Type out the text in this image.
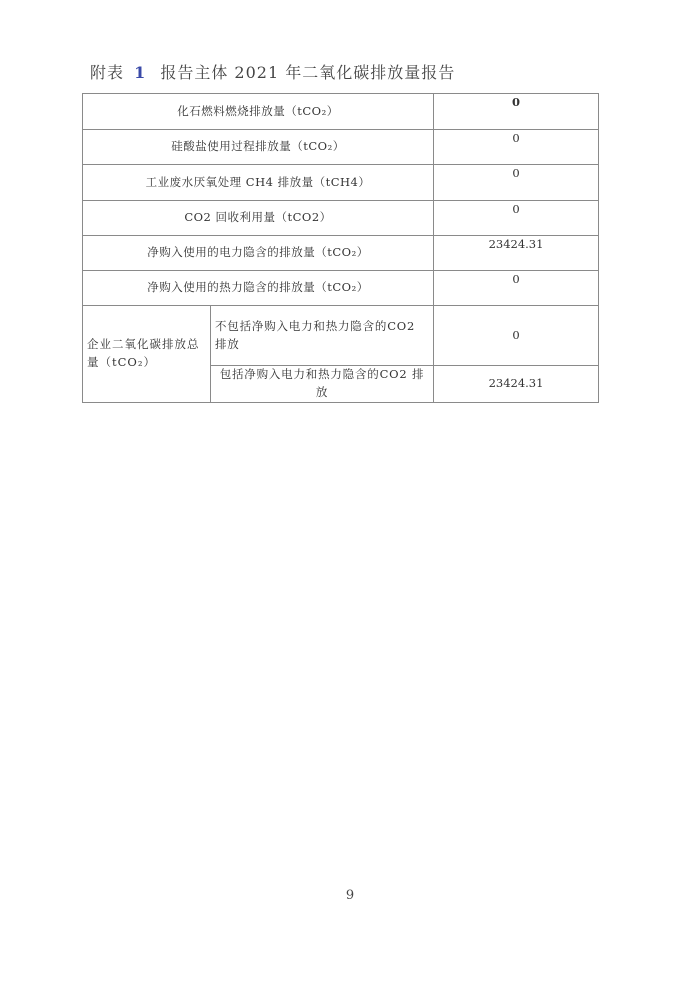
附表 1 报告主体 2021 年二氧化碳排放量报告
化石燃料燃烧排放量（tCO₂）		0
硅酸盐使用过程排放量（tCO₂）		0
工业废水厌氧处理 CH4 排放量（tCH4）		0
CO2 回收利用量（tCO2）		0
净购入使用的电力隐含的排放量（tCO₂）		23424.31
净购入使用的热力隐含的排放量（tCO₂）		0
企业二氧化碳排放总量（tCO₂）	不包括净购入电力和热力隐含的CO2 排放	0
	包括净购入电力和热力隐含的CO2 排放	23424.31
9
